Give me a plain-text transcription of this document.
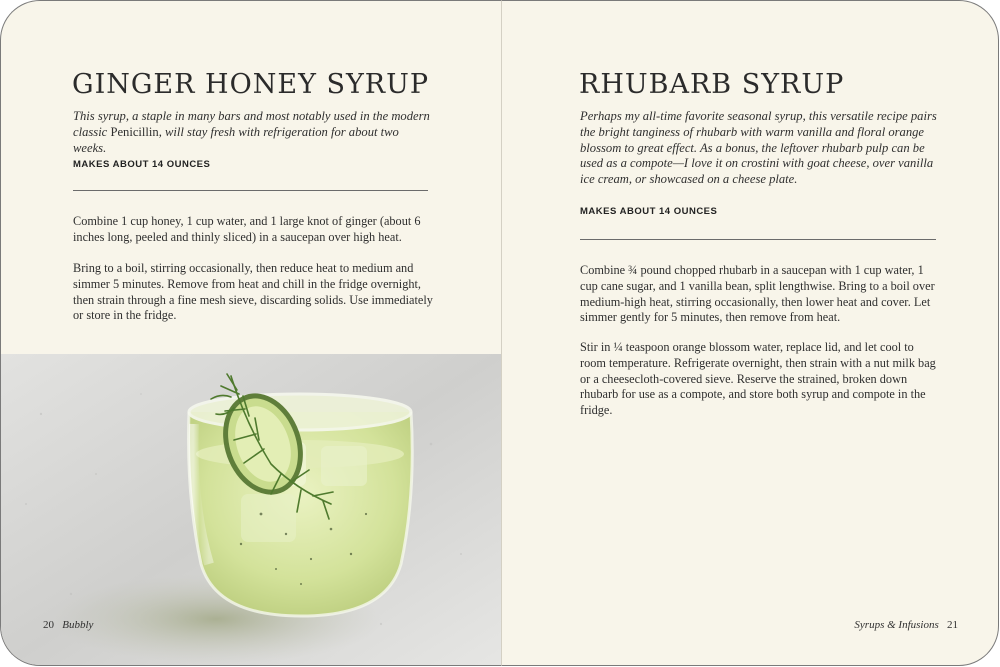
GINGER HONEY SYRUP

This syrup, a staple in many bars and most notably used in the modern classic Penicillin, will stay fresh with refrigeration for about two weeks.

MAKES ABOUT 14 OUNCES

Combine 1 cup honey, 1 cup water, and 1 large knot of ginger (about 6 inches long, peeled and thinly sliced) in a saucepan over high heat.

Bring to a boil, stirring occasionally, then reduce heat to medium and simmer 5 minutes. Remove from heat and chill in the fridge overnight, then strain through a fine mesh sieve, discarding solids. Use immediately or store in the fridge.

20 Bubbly
RHUBARB SYRUP

Perhaps my all-time favorite seasonal syrup, this versatile recipe pairs the bright tanginess of rhubarb with warm vanilla and floral orange blossom to great effect. As a bonus, the leftover rhubarb pulp can be used as a compote—I love it on crostini with goat cheese, over vanilla ice cream, or showcased on a cheese plate.

MAKES ABOUT 14 OUNCES

Combine ¾ pound chopped rhubarb in a saucepan with 1 cup water, 1 cup cane sugar, and 1 vanilla bean, split lengthwise. Bring to a boil over medium-high heat, stirring occasionally, then lower heat and cover. Let simmer gently for 5 minutes, then remove from heat.

Stir in ¼ teaspoon orange blossom water, replace lid, and let cool to room temperature. Refrigerate overnight, then strain with a nut milk bag or a cheesecloth-covered sieve. Reserve the strained, broken down rhubarb for use as a compote, and store both syrup and compote in the fridge.

Syrups & Infusions 21
